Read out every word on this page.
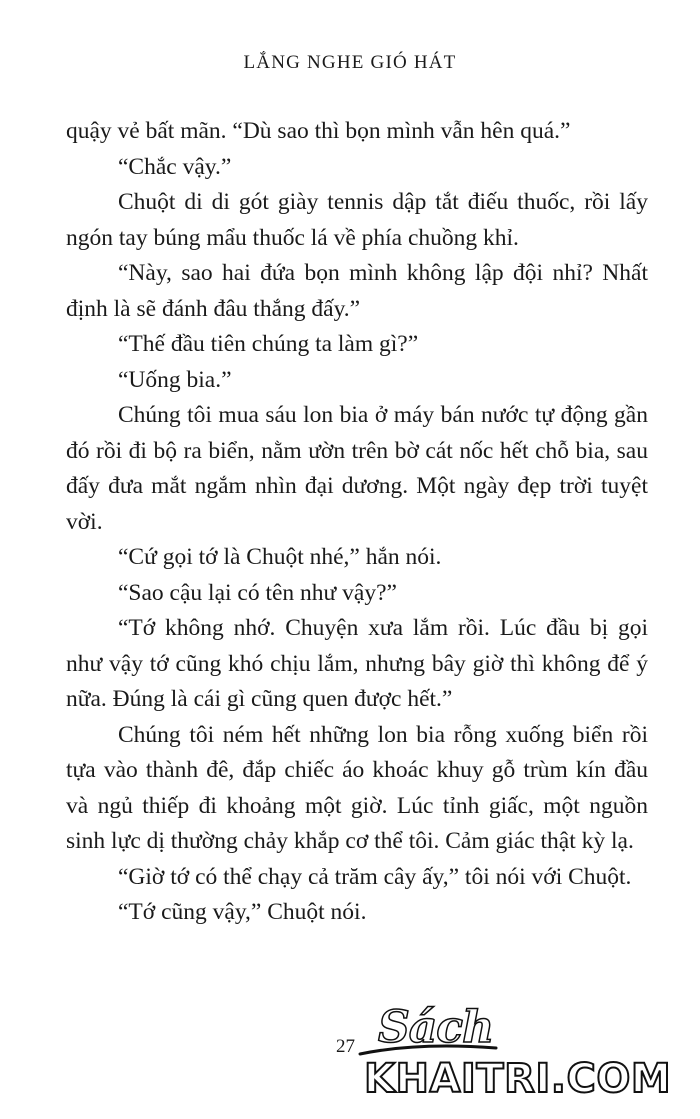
LẮNG NGHE GIÓ HÁT

quậy vẻ bất mãn. “Dù sao thì bọn mình vẫn hên quá.”

“Chắc vậy.”

Chuột di di gót giày tennis dập tắt điếu thuốc, rồi lấy ngón tay búng mẩu thuốc lá về phía chuồng khỉ.

“Này, sao hai đứa bọn mình không lập đội nhỉ? Nhất định là sẽ đánh đâu thắng đấy.”

“Thế đầu tiên chúng ta làm gì?”

“Uống bia.”

Chúng tôi mua sáu lon bia ở máy bán nước tự động gần đó rồi đi bộ ra biển, nằm ườn trên bờ cát nốc hết chỗ bia, sau đấy đưa mắt ngắm nhìn đại dương. Một ngày đẹp trời tuyệt vời.

“Cứ gọi tớ là Chuột nhé,” hắn nói.

“Sao cậu lại có tên như vậy?”

“Tớ không nhớ. Chuyện xưa lắm rồi. Lúc đầu bị gọi như vậy tớ cũng khó chịu lắm, nhưng bây giờ thì không để ý nữa. Đúng là cái gì cũng quen được hết.”

Chúng tôi ném hết những lon bia rỗng xuống biển rồi tựa vào thành đê, đắp chiếc áo khoác khuy gỗ trùm kín đầu và ngủ thiếp đi khoảng một giờ. Lúc tỉnh giấc, một nguồn sinh lực dị thường chảy khắp cơ thể tôi. Cảm giác thật kỳ lạ.

“Giờ tớ có thể chạy cả trăm cây ấy,” tôi nói với Chuột.

“Tớ cũng vậy,” Chuột nói.

27 Sách
KHAITRI.COM
